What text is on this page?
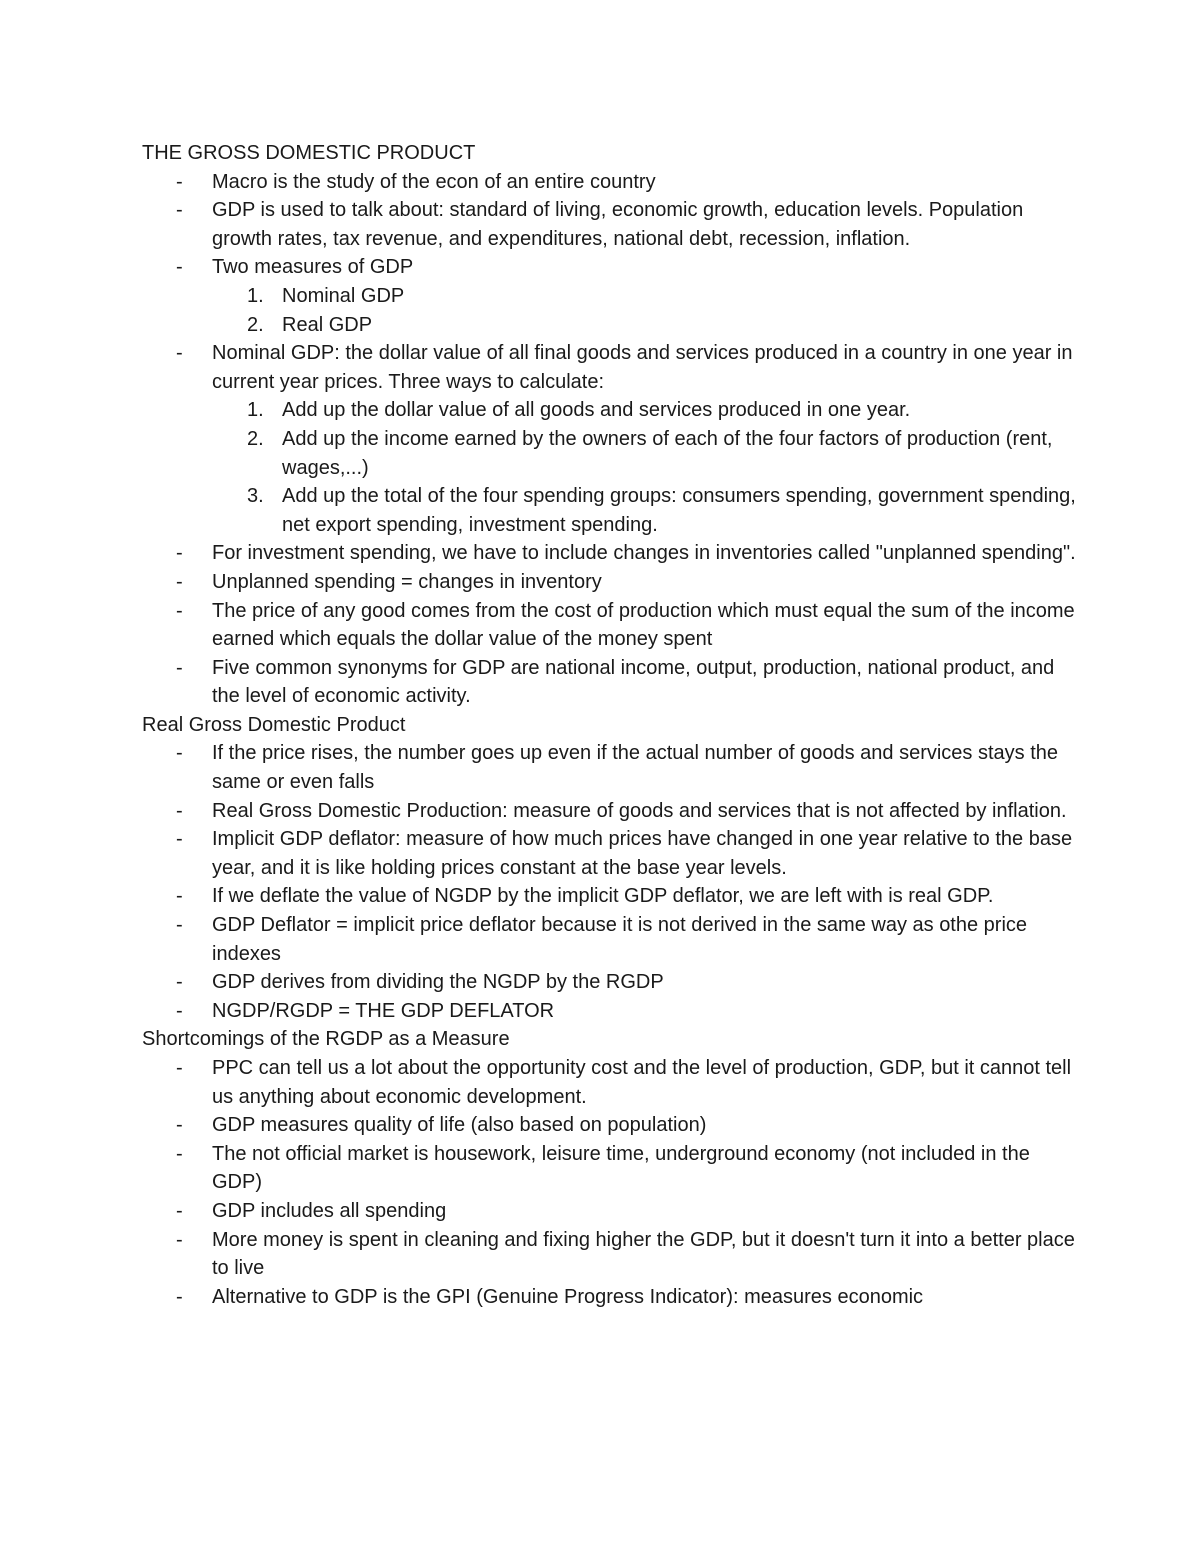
THE GROSS DOMESTIC PRODUCT
- Macro is the study of the econ of an entire country
- GDP is used to talk about: standard of living, economic growth, education levels. Population growth rates, tax revenue, and expenditures, national debt, recession, inflation.
- Two measures of GDP
1. Nominal GDP
2. Real GDP
- Nominal GDP: the dollar value of all final goods and services produced in a country in one year in current year prices. Three ways to calculate:
1. Add up the dollar value of all goods and services produced in one year.
2. Add up the income earned by the owners of each of the four factors of production (rent, wages,...)
3. Add up the total of the four spending groups: consumers spending, government spending, net export spending, investment spending.
- For investment spending, we have to include changes in inventories called "unplanned spending".
- Unplanned spending = changes in inventory
- The price of any good comes from the cost of production which must equal the sum of the income earned which equals the dollar value of the money spent
- Five common synonyms for GDP are national income, output, production, national product, and the level of economic activity.
Real Gross Domestic Product
- If the price rises, the number goes up even if the actual number of goods and services stays the same or even falls
- Real Gross Domestic Production: measure of goods and services that is not affected by inflation.
- Implicit GDP deflator: measure of how much prices have changed in one year relative to the base year, and it is like holding prices constant at the base year levels.
- If we deflate the value of NGDP by the implicit GDP deflator, we are left with is real GDP.
- GDP Deflator = implicit price deflator because it is not derived in the same way as othe price indexes
- GDP derives from dividing the NGDP by the RGDP
- NGDP/RGDP = THE GDP DEFLATOR
Shortcomings of the RGDP as a Measure
- PPC can tell us a lot about the opportunity cost and the level of production, GDP, but it cannot tell us anything about economic development.
- GDP measures quality of life (also based on population)
- The not official market is housework, leisure time, underground economy (not included in the GDP)
- GDP includes all spending
- More money is spent in cleaning and fixing higher the GDP, but it doesn't turn it into a better place to live
- Alternative to GDP is the GPI (Genuine Progress Indicator): measures economic
